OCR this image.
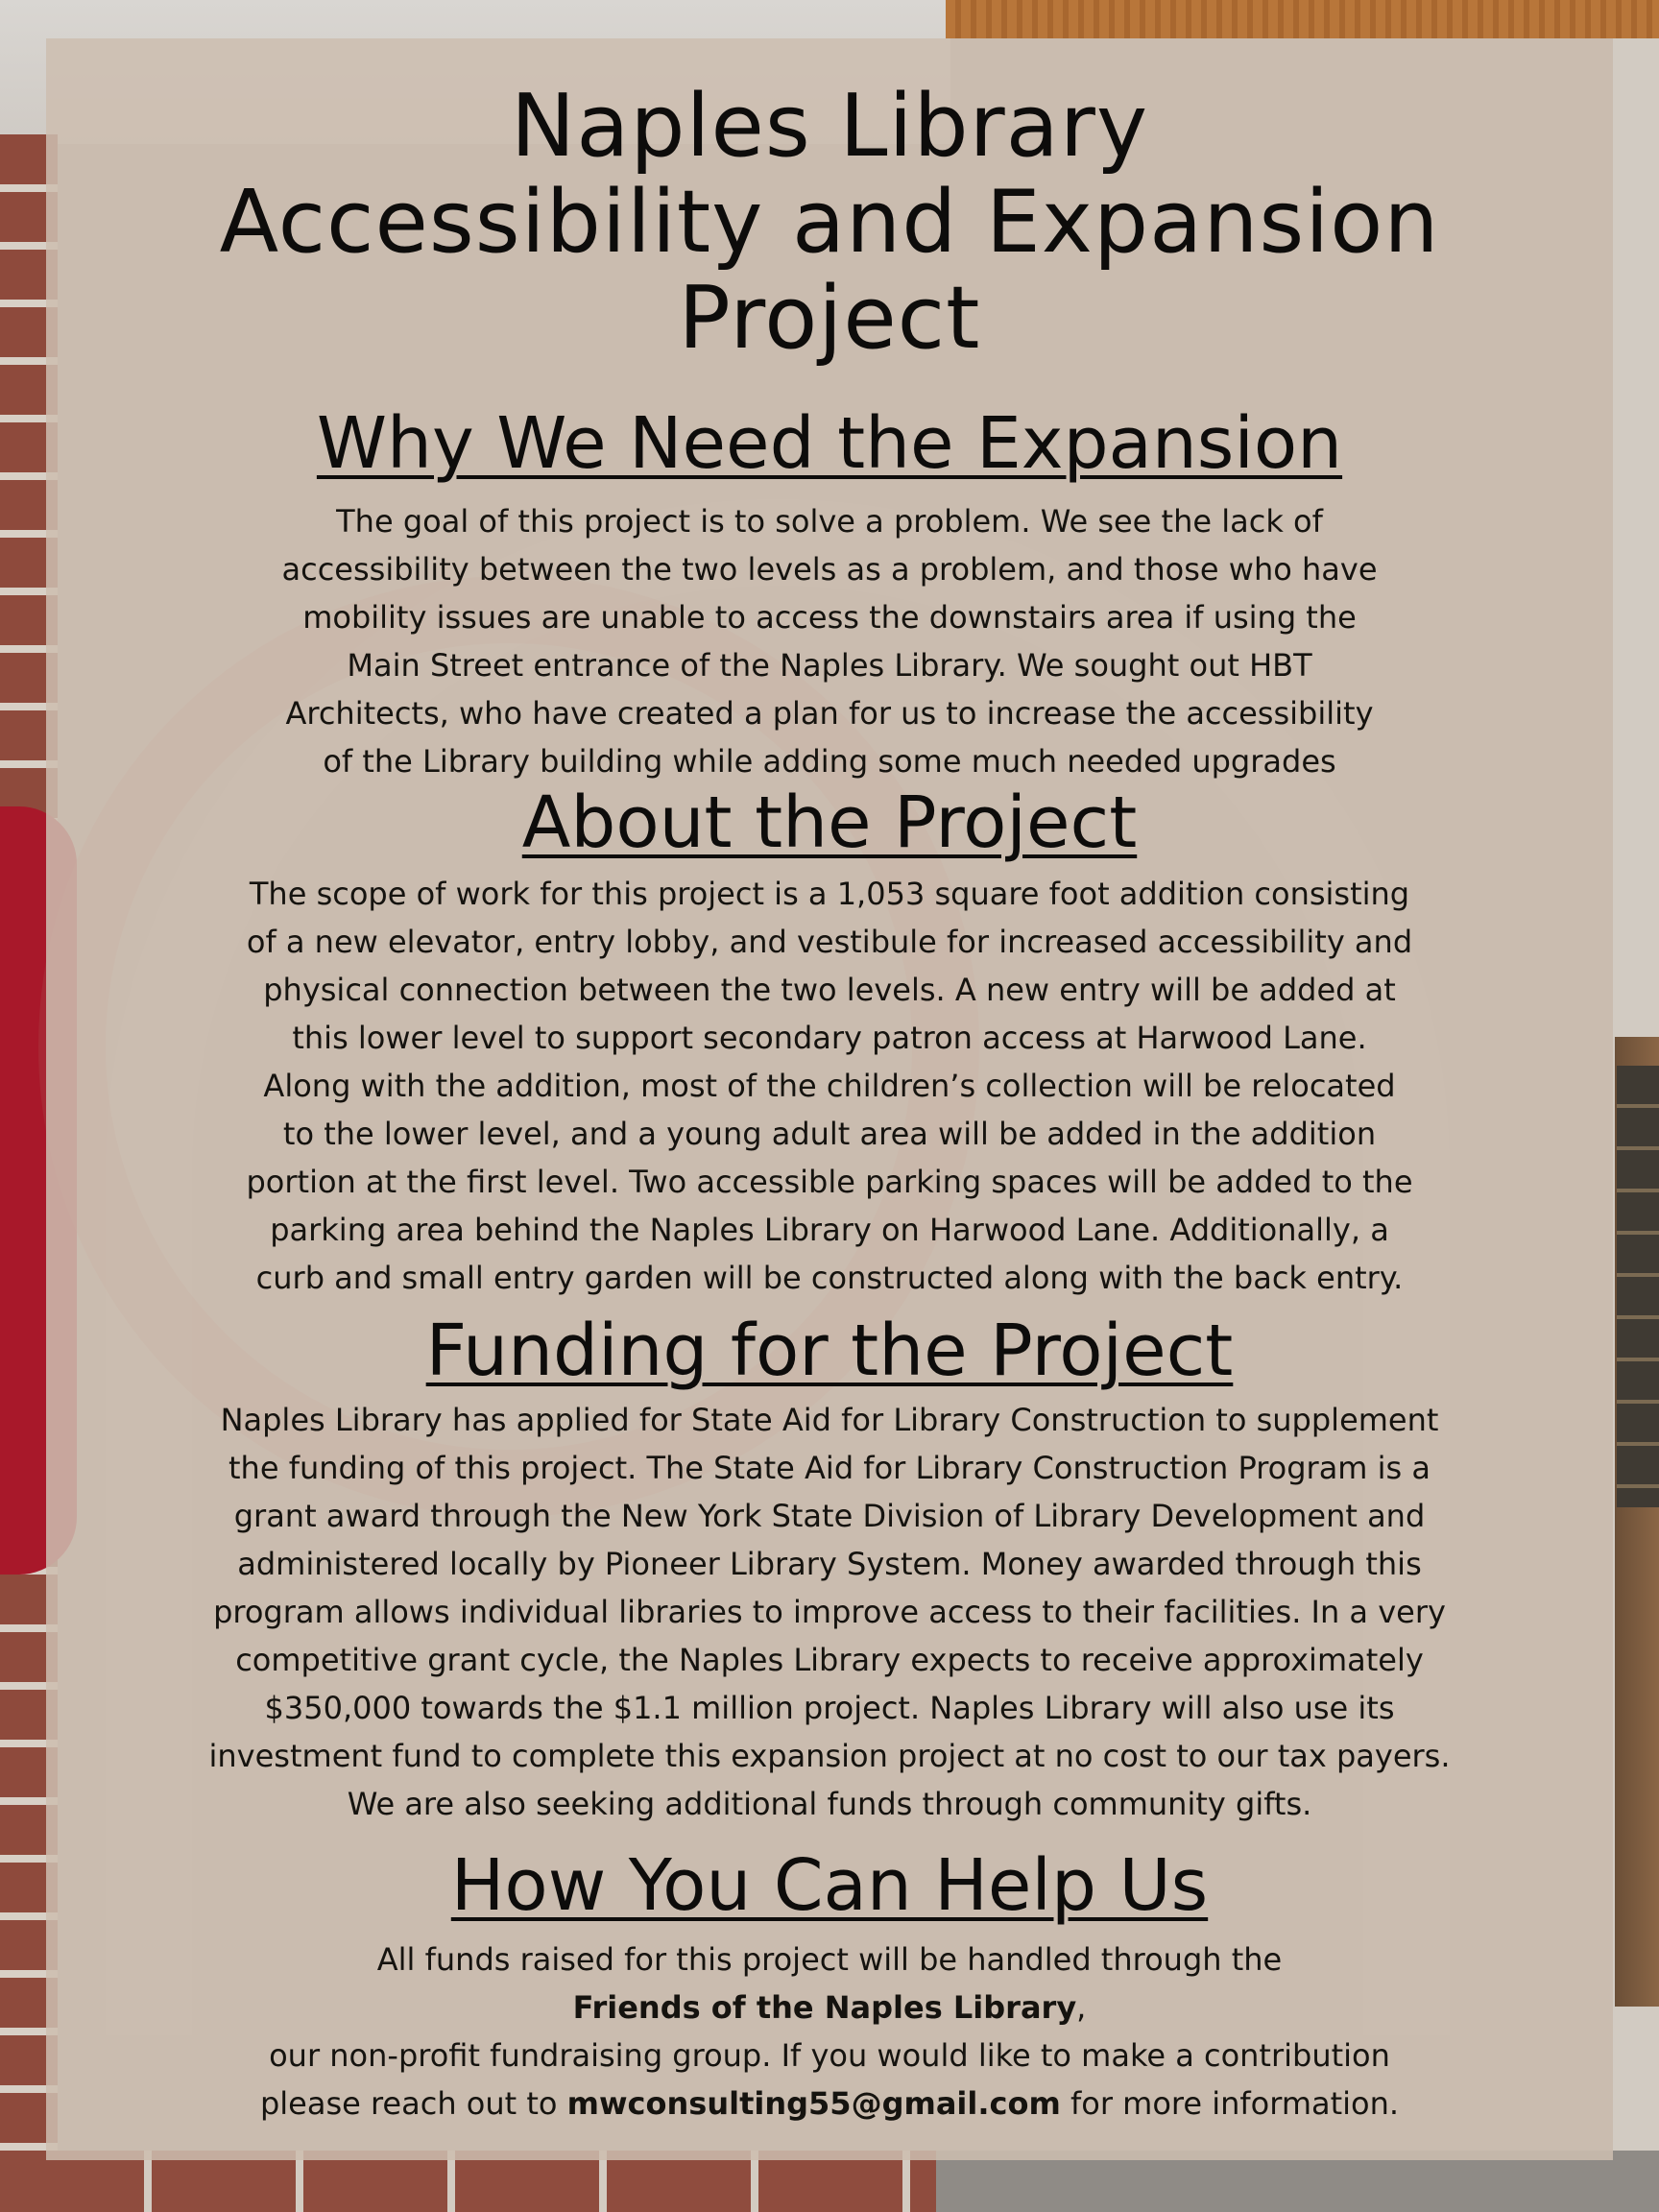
Naples Library
Accessibility and Expansion
Project
Why We Need the Expansion

The goal of this project is to solve a problem. We see the lack of
accessibility between the two levels as a problem, and those who have
mobility issues are unable to access the downstairs area if using the
Main Street entrance of the Naples Library. We sought out HBT
Architects, who have created a plan for us to increase the accessibility
of the Library building while adding some much needed upgrades

About the Project

The scope of work for this project is a 1,053 square foot addition consisting
of a new elevator, entry lobby, and vestibule for increased accessibility and
physical connection between the two levels. A new entry will be added at
this lower level to support secondary patron access at Harwood Lane.
Along with the addition, most of the children’s collection will be relocated
to the lower level, and a young adult area will be added in the addition
portion at the first level. Two accessible parking spaces will be added to the
parking area behind the Naples Library on Harwood Lane. Additionally, a
curb and small entry garden will be constructed along with the back entry.

Funding for the Project

Naples Library has applied for State Aid for Library Construction to supplement
the funding of this project. The State Aid for Library Construction Program is a
grant award through the New York State Division of Library Development and
administered locally by Pioneer Library System. Money awarded through this
program allows individual libraries to improve access to their facilities. In a very
competitive grant cycle, the Naples Library expects to receive approximately
$350,000 towards the $1.1 million project. Naples Library will also use its
investment fund to complete this expansion project at no cost to our tax payers.
We are also seeking additional funds through community gifts.

How You Can Help Us

All funds raised for this project will be handled through the
Friends of the Naples Library,
our non-profit fundraising group. If you would like to make a contribution
please reach out to mwconsulting55@gmail.com for more information.
